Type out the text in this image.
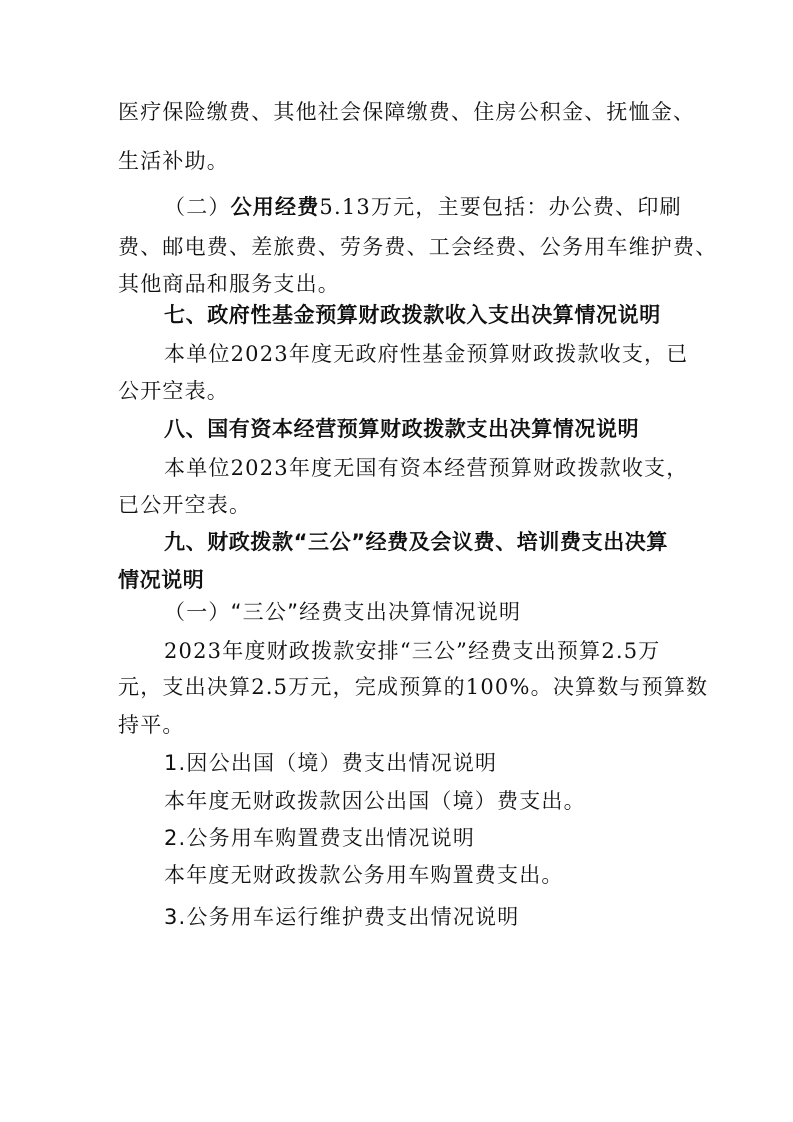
医疗保险缴费、其他社会保障缴费、住房公积金、抚恤金、
生活补助。
（二）公用经费5.13万元，主要包括：办公费、印刷
费、邮电费、差旅费、劳务费、工会经费、公务用车维护费、
其他商品和服务支出。
七、政府性基金预算财政拨款收入支出决算情况说明
本单位2023年度无政府性基金预算财政拨款收支，已
公开空表。
八、国有资本经营预算财政拨款支出决算情况说明
本单位2023年度无国有资本经营预算财政拨款收支，
已公开空表。
九、财政拨款“三公”经费及会议费、培训费支出决算
情况说明
（一）“三公”经费支出决算情况说明
2023年度财政拨款安排“三公”经费支出预算2.5万
元，支出决算2.5万元，完成预算的100%。决算数与预算数
持平。
1.因公出国（境）费支出情况说明
本年度无财政拨款因公出国（境）费支出。
2.公务用车购置费支出情况说明
本年度无财政拨款公务用车购置费支出。
3.公务用车运行维护费支出情况说明
